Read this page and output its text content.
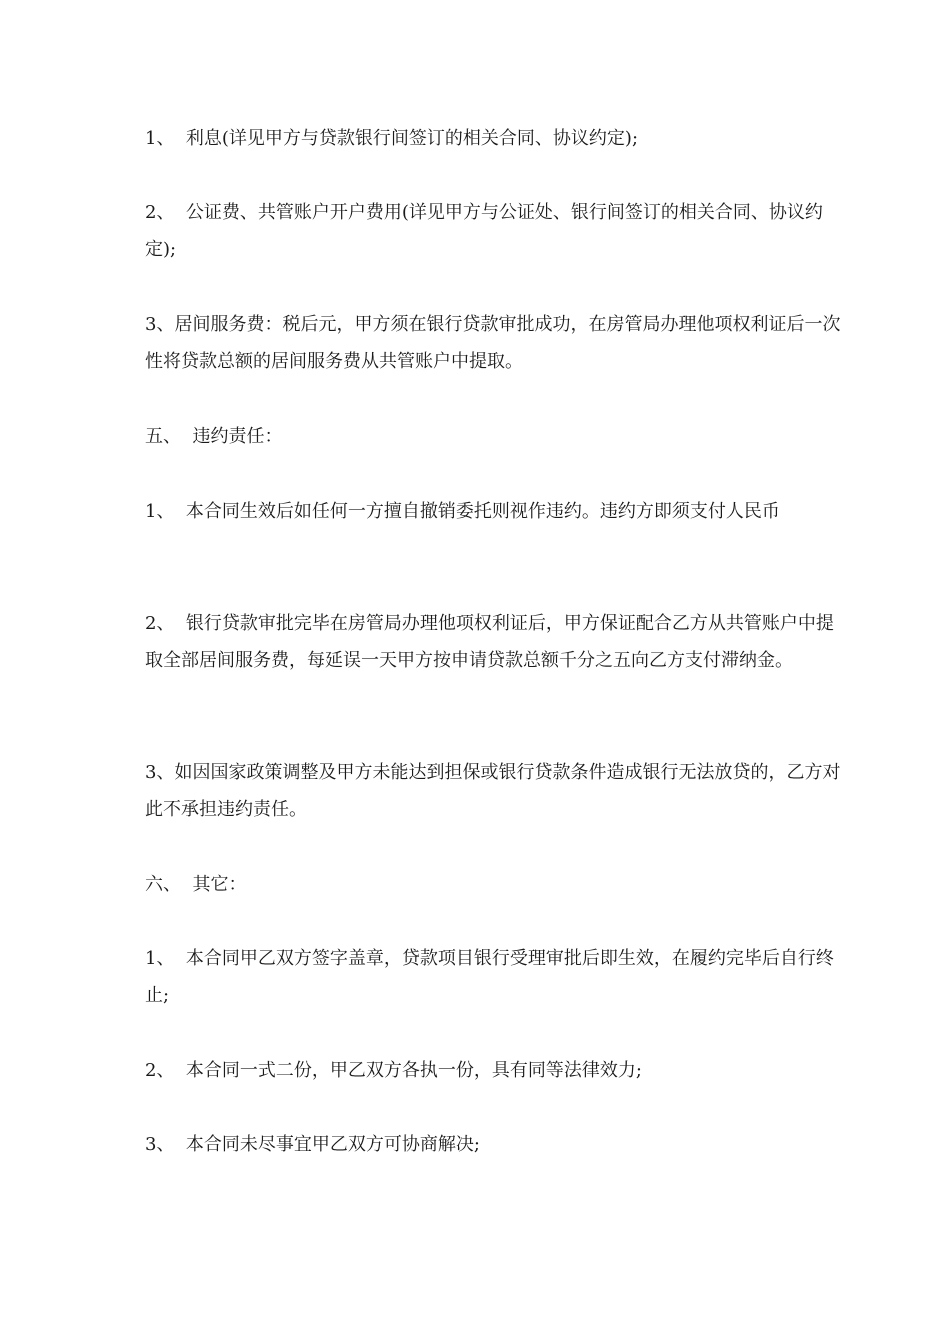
1、  利息(详见甲方与贷款银行间签订的相关合同、协议约定);

2、  公证费、共管账户开户费用(详见甲方与公证处、银行间签订的相关合同、协议约定);

3、居间服务费：税后元，甲方须在银行贷款审批成功，在房管局办理他项权利证后一次性将贷款总额的居间服务费从共管账户中提取。

五、  违约责任：

1、  本合同生效后如任何一方擅自撤销委托则视作违约。违约方即须支付人民币

2、  银行贷款审批完毕在房管局办理他项权利证后，甲方保证配合乙方从共管账户中提取全部居间服务费，每延误一天甲方按申请贷款总额千分之五向乙方支付滞纳金。

3、如因国家政策调整及甲方未能达到担保或银行贷款条件造成银行无法放贷的，乙方对此不承担违约责任。

六、  其它：

1、  本合同甲乙双方签字盖章，贷款项目银行受理审批后即生效，在履约完毕后自行终止;

2、  本合同一式二份，甲乙双方各执一份，具有同等法律效力;

3、  本合同未尽事宜甲乙双方可协商解决;
